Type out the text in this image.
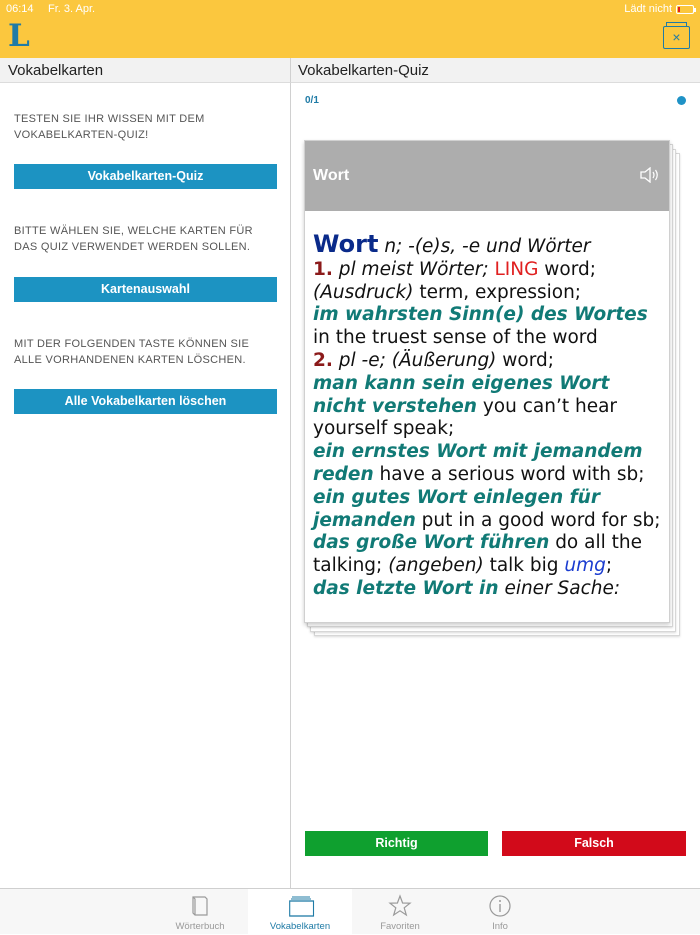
06:14 Fr. 3. Apr.	Lädt nicht
L	×
Vokabelkarten	Vokabelkarten-Quiz

TESTEN SIE IHR WISSEN MIT DEM VOKABELKARTEN-QUIZ!

Vokabelkarten-Quiz

BITTE WÄHLEN SIE, WELCHE KARTEN FÜR DAS QUIZ VERWENDET WERDEN SOLLEN.

Kartenauswahl

MIT DER FOLGENDEN TASTE KÖNNEN SIE ALLE VORHANDENEN KARTEN LÖSCHEN.

Alle Vokabelkarten löschen
0/1
Wort
Wort n; -(e)s, -e und Wörter
1. pl meist Wörter; LING word;
(Ausdruck) term, expression;
im wahrsten Sinn(e) des Wortes in the truest sense of the word
2. pl -e; (Äußerung) word;
man kann sein eigenes Wort nicht verstehen you can’t hear yourself speak;
ein ernstes Wort mit jemandem reden have a serious word with sb;
ein gutes Wort einlegen für jemanden put in a good word for sb;
das große Wort führen do all the talking; (angeben) talk big umg;
das letzte Wort in einer Sache:
Richtig	Falsch
Wörterbuch	Vokabelkarten	Favoriten	Info
